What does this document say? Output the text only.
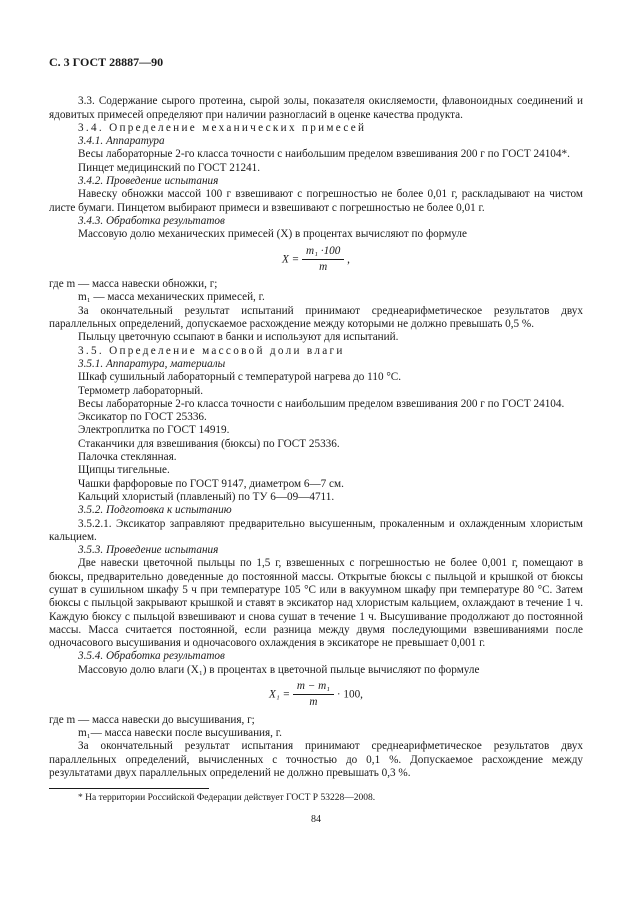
С. 3 ГОСТ 28887—90

3.3. Содержание сырого протеина, сырой золы, показателя окисляемости, флавоноидных соединений и ядовитых примесей определяют при наличии разногласий в оценке качества продукта.

3.4. Определение механических примесей

3.4.1. Аппаратура

Весы лабораторные 2-го класса точности с наибольшим пределом взвешивания 200 г по ГОСТ 24104*.

Пинцет медицинский по ГОСТ 21241.

3.4.2. Проведение испытания

Навеску обножки массой 100 г взвешивают с погрешностью не более 0,01 г, раскладывают на чистом листе бумаги. Пинцетом выбирают примеси и взвешивают с погрешностью не более 0,01 г.

3.4.3. Обработка результатов

Массовую долю механических примесей (X) в процентах вычисляют по формуле

$X = \frac{\text{m₁ ·100}}{m}$ ,

где m — масса навески обножки, г;

m₁ — масса механических примесей, г.

За окончательный результат испытаний принимают среднеарифметическое результатов двух параллельных определений, допускаемое расхождение между которыми не должно превышать 0,5 %.

Пыльцу цветочную ссыпают в банки и используют для испытаний.

3.5. Определение массовой доли влаги

3.5.1. Аппаратура, материалы

Шкаф сушильный лабораторный с температурой нагрева до 110 °С.

Термометр лабораторный.

Весы лабораторные 2-го класса точности с наибольшим пределом взвешивания 200 г по ГОСТ 24104.

Эксикатор по ГОСТ 25336.

Электроплитка по ГОСТ 14919.

Стаканчики для взвешивания (бюксы) по ГОСТ 25336.

Палочка стеклянная.

Щипцы тигельные.

Чашки фарфоровые по ГОСТ 9147, диаметром 6—7 см.

Кальций хлористый (плавленый) по ТУ 6—09—4711.

3.5.2. Подготовка к испытанию

3.5.2.1. Эксикатор заправляют предварительно высушенным, прокаленным и охлажденным хлористым кальцием.

3.5.3. Проведение испытания

Две навески цветочной пыльцы по 1,5 г, взвешенных с погрешностью не более 0,001 г, помещают в бюксы, предварительно доведенные до постоянной массы. Открытые бюксы с пыльцой и крышкой от бюксы сушат в сушильном шкафу 5 ч при температуре 105 °С или в вакуумном шкафу при температуре 80 °С. Затем бюксы с пыльцой закрывают крышкой и ставят в эксикатор над хлористым кальцием, охлаждают в течение 1 ч. Каждую бюксу с пыльцой взвешивают и снова сушат в течение 1 ч. Высушивание продолжают до постоянной массы. Масса считается постоянной, если разница между двумя последующими взвешиваниями после одночасового высушивания и одночасового охлаждения в эксикаторе не превышает 0,001 г.

3.5.4. Обработка результатов

Массовую долю влаги (X₁) в процентах в цветочной пыльце вычисляют по формуле

$X_1 = \frac{\text{m − m₁}}{m} \cdot 100$,

где m — масса навески до высушивания, г;

m₁— масса навески после высушивания, г.

За окончательный результат испытания принимают среднеарифметическое результатов двух параллельных определений, вычисленных с точностью до 0,1 %. Допускаемое расхождение между результатами двух параллельных определений не должно превышать 0,3 %.

* На территории Российской Федерации действует ГОСТ Р 53228—2008.

84
